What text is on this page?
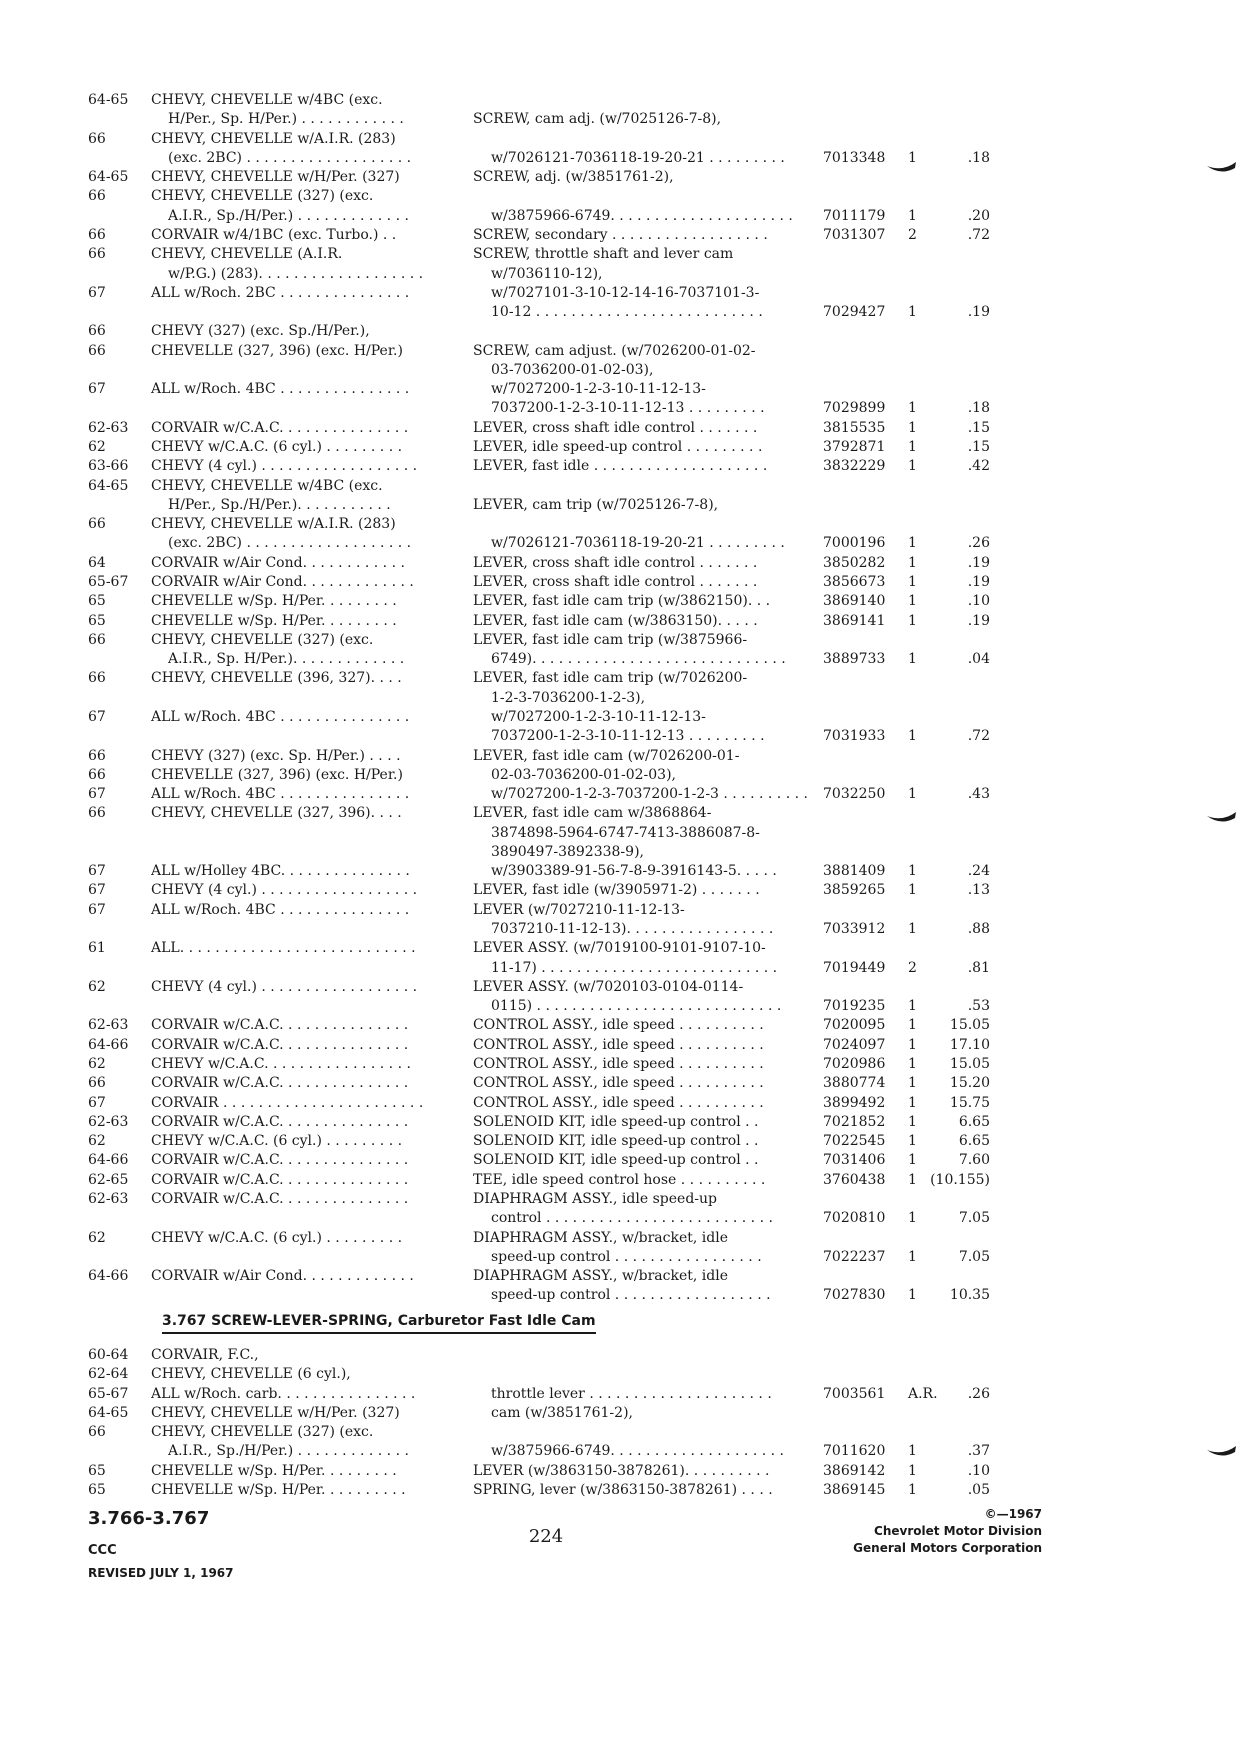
64-65 CHEVY, CHEVELLE w/4BC (exc.
H/Per., Sp. H/Per.) . . . . . . . . . . . .	SCREW, cam adj. (w/7025126-7-8),
66	CHEVY, CHEVELLE w/A.I.R. (283)
(exc. 2BC) . . . . . . . . . . . . . . . . . . .	w/7026121-7036118-19-20-21 . . . . . . . . .	7013348 1	.18
64-65 CHEVY, CHEVELLE w/H/Per. (327)	SCREW, adj. (w/3851761-2),
66	CHEVY, CHEVELLE (327) (exc.
A.I.R., Sp./H/Per.) . . . . . . . . . . . . .	w/3875966-6749. . . . . . . . . . . . . . . . . . . . .	7011179 1	.20
66	CORVAIR w/4/1BC (exc. Turbo.) . .	SCREW, secondary . . . . . . . . . . . . . . . . . .	7031307 2	.72
66	CHEVY, CHEVELLE (A.I.R.	SCREW, throttle shaft and lever cam
w/P.G.) (283). . . . . . . . . . . . . . . . . . .	w/7036110-12),
67	ALL w/Roch. 2BC . . . . . . . . . . . . . . .	w/7027101-3-10-12-14-16-7037101-3-
10-12 . . . . . . . . . . . . . . . . . . . . . . . . . .	7029427 1	.19
66	CHEVY (327) (exc. Sp./H/Per.),
66	CHEVELLE (327, 396) (exc. H/Per.)	SCREW, cam adjust. (w/7026200-01-02-
03-7036200-01-02-03),
67	ALL w/Roch. 4BC . . . . . . . . . . . . . . .	w/7027200-1-2-3-10-11-12-13-
7037200-1-2-3-10-11-12-13 . . . . . . . . .	7029899 1	.18
62-63 CORVAIR w/C.A.C. . . . . . . . . . . . . . .	LEVER, cross shaft idle control . . . . . . .	3815535 1	.15
62	CHEVY w/C.A.C. (6 cyl.) . . . . . . . . .	LEVER, idle speed-up control . . . . . . . . .	3792871 1	.15
63-66 CHEVY (4 cyl.) . . . . . . . . . . . . . . . . . .	LEVER, fast idle . . . . . . . . . . . . . . . . . . . .	3832229 1	.42
64-65 CHEVY, CHEVELLE w/4BC (exc.
H/Per., Sp./H/Per.). . . . . . . . . . .	LEVER, cam trip (w/7025126-7-8),
66	CHEVY, CHEVELLE w/A.I.R. (283)
(exc. 2BC) . . . . . . . . . . . . . . . . . . .	w/7026121-7036118-19-20-21 . . . . . . . . .	7000196 1	.26
64	CORVAIR w/Air Cond. . . . . . . . . . . .	LEVER, cross shaft idle control . . . . . . .	3850282 1	.19
65-67 CORVAIR w/Air Cond. . . . . . . . . . . . .	LEVER, cross shaft idle control . . . . . . .	3856673 1	.19
65	CHEVELLE w/Sp. H/Per. . . . . . . . .	LEVER, fast idle cam trip (w/3862150). . .	3869140 1	.10
65	CHEVELLE w/Sp. H/Per. . . . . . . . .	LEVER, fast idle cam (w/3863150). . . . .	3869141 1	.19
66	CHEVY, CHEVELLE (327) (exc.	LEVER, fast idle cam trip (w/3875966-
A.I.R., Sp. H/Per.). . . . . . . . . . . . .	6749). . . . . . . . . . . . . . . . . . . . . . . . . . . . .	3889733 1	.04
66	CHEVY, CHEVELLE (396, 327). . . .	LEVER, fast idle cam trip (w/7026200-
1-2-3-7036200-1-2-3),
67	ALL w/Roch. 4BC . . . . . . . . . . . . . . .	w/7027200-1-2-3-10-11-12-13-
7037200-1-2-3-10-11-12-13 . . . . . . . . .	7031933 1	.72
66	CHEVY (327) (exc. Sp. H/Per.) . . . .	LEVER, fast idle cam (w/7026200-01-
66	CHEVELLE (327, 396) (exc. H/Per.)	02-03-7036200-01-02-03),
67	ALL w/Roch. 4BC . . . . . . . . . . . . . . .	w/7027200-1-2-3-7037200-1-2-3 . . . . . . . . . . 7032250 1	.43
66	CHEVY, CHEVELLE (327, 396). . . .	LEVER, fast idle cam w/3868864-
3874898-5964-6747-7413-3886087-8-
3890497-3892338-9),
67	ALL w/Holley 4BC. . . . . . . . . . . . . . .	w/3903389-91-56-7-8-9-3916143-5. . . . .	3881409 1	.24
67	CHEVY (4 cyl.) . . . . . . . . . . . . . . . . . .	LEVER, fast idle (w/3905971-2) . . . . . . .	3859265 1	.13
67	ALL w/Roch. 4BC . . . . . . . . . . . . . . .	LEVER (w/7027210-11-12-13-
7037210-11-12-13). . . . . . . . . . . . . . . . .	7033912 1	.88
61	ALL. . . . . . . . . . . . . . . . . . . . . . . . . . .	LEVER ASSY. (w/7019100-9101-9107-10-
11-17) . . . . . . . . . . . . . . . . . . . . . . . . . . .	7019449 2	.81
62	CHEVY (4 cyl.) . . . . . . . . . . . . . . . . . .	LEVER ASSY. (w/7020103-0104-0114-
0115) . . . . . . . . . . . . . . . . . . . . . . . . . . . .	7019235 1	.53
62-63 CORVAIR w/C.A.C. . . . . . . . . . . . . . .	CONTROL ASSY., idle speed . . . . . . . . . .	7020095 1	15.05
64-66 CORVAIR w/C.A.C. . . . . . . . . . . . . . .	CONTROL ASSY., idle speed . . . . . . . . . .	7024097 1	17.10
62	CHEVY w/C.A.C. . . . . . . . . . . . . . . . .	CONTROL ASSY., idle speed . . . . . . . . . .	7020986 1	15.05
66	CORVAIR w/C.A.C. . . . . . . . . . . . . . .	CONTROL ASSY., idle speed . . . . . . . . . .	3880774 1	15.20
67	CORVAIR . . . . . . . . . . . . . . . . . . . . . . .	CONTROL ASSY., idle speed . . . . . . . . . .	3899492 1	15.75
62-63 CORVAIR w/C.A.C. . . . . . . . . . . . . . .	SOLENOID KIT, idle speed-up control . .	7021852 1	6.65
62	CHEVY w/C.A.C. (6 cyl.) . . . . . . . . .	SOLENOID KIT, idle speed-up control . .	7022545 1	6.65
64-66 CORVAIR w/C.A.C. . . . . . . . . . . . . . .	SOLENOID KIT, idle speed-up control . .	7031406 1	7.60
62-65 CORVAIR w/C.A.C. . . . . . . . . . . . . . .	TEE, idle speed control hose . . . . . . . . . .	3760438 1 (10.155)
62-63 CORVAIR w/C.A.C. . . . . . . . . . . . . . .	DIAPHRAGM ASSY., idle speed-up
control . . . . . . . . . . . . . . . . . . . . . . . . . .	7020810 1	7.05
62	CHEVY w/C.A.C. (6 cyl.) . . . . . . . . .	DIAPHRAGM ASSY., w/bracket, idle
speed-up control . . . . . . . . . . . . . . . . .	7022237 1	7.05
64-66 CORVAIR w/Air Cond. . . . . . . . . . . . .	DIAPHRAGM ASSY., w/bracket, idle
speed-up control . . . . . . . . . . . . . . . . . .	7027830 1	10.35
3.767 SCREW-LEVER-SPRING, Carburetor Fast Idle Cam
60-64 CORVAIR, F.C.,
62-64 CHEVY, CHEVELLE (6 cyl.),
65-67 ALL w/Roch. carb. . . . . . . . . . . . . . . .	throttle lever . . . . . . . . . . . . . . . . . . . . .	7003561 A.R.	.26
64-65 CHEVY, CHEVELLE w/H/Per. (327)	cam (w/3851761-2),
66	CHEVY, CHEVELLE (327) (exc.
A.I.R., Sp./H/Per.) . . . . . . . . . . . . .	w/3875966-6749. . . . . . . . . . . . . . . . . . . .	7011620 1	.37
65	CHEVELLE w/Sp. H/Per. . . . . . . . .	LEVER (w/3863150-3878261). . . . . . . . . .	3869142 1	.10
65	CHEVELLE w/Sp. H/Per. . . . . . . . . .	SPRING, lever (w/3863150-3878261) . . . .	3869145 1	.05
3.766-3.767
224
CCC
REVISED JULY 1, 1967
©—1967
Chevrolet Motor Division
General Motors Corporation
